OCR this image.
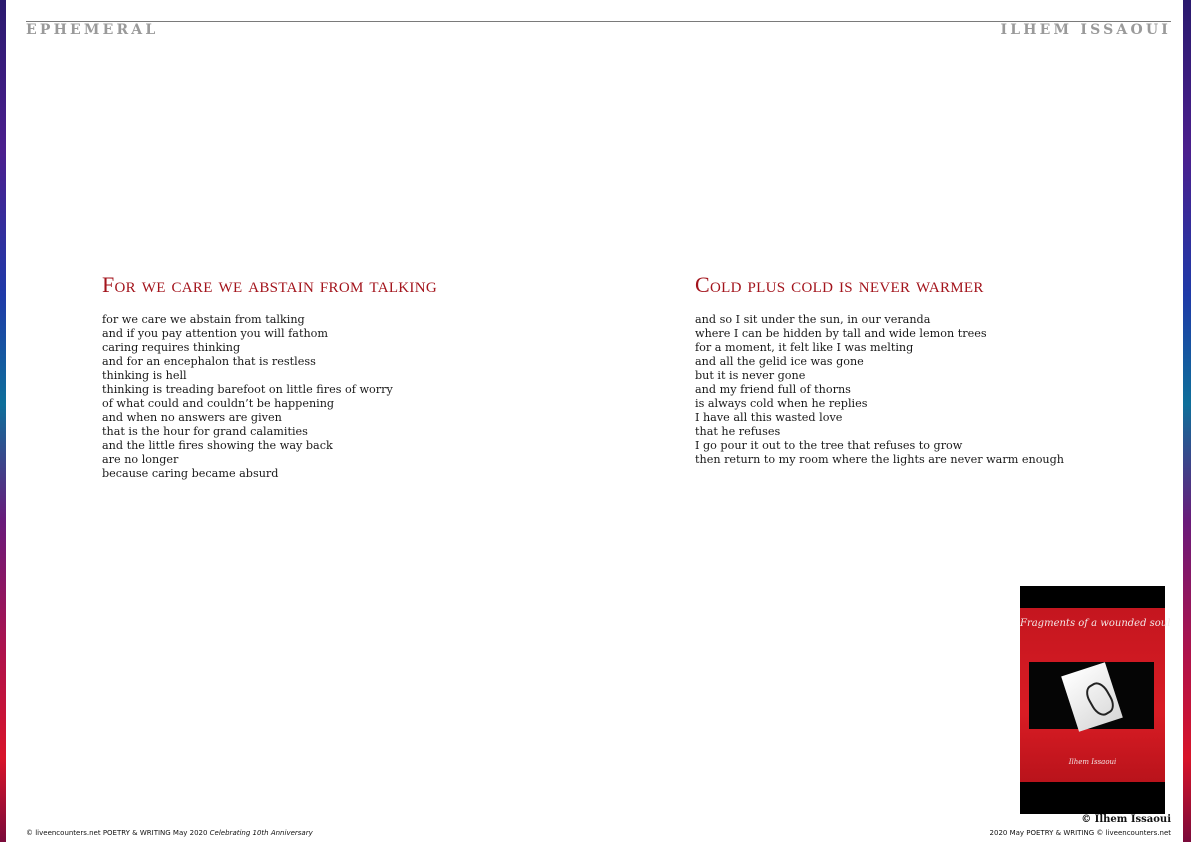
EPHEMERAL	ILHEM ISSAOUI
For we care we abstain from talking
for we care we abstain from talking
and if you pay attention you will fathom
caring requires thinking
and for an encephalon that is restless
thinking is hell
thinking is treading barefoot on little fires of worry
of what could and couldn’t be happening
and when no answers are given
that is the hour for grand calamities
and the little fires showing the way back
are no longer
because caring became absurd
Cold plus cold is never warmer
and so I sit under the sun, in our veranda
where I can be hidden by tall and wide lemon trees
for a moment, it felt like I was melting
and all the gelid ice was gone
but it is never gone
and my friend full of thorns
is always cold when he replies
I have all this wasted love
that he refuses
I go pour it out to the tree that refuses to grow
then return to my room where the lights are never warm enough
Fragments of a wounded soul
Ilhem Issaoui
© Ilhem Issaoui
© liveencounters.net POETRY & WRITING May 2020 Celebrating 10th Anniversary	2020 May POETRY & WRITING © liveencounters.net
